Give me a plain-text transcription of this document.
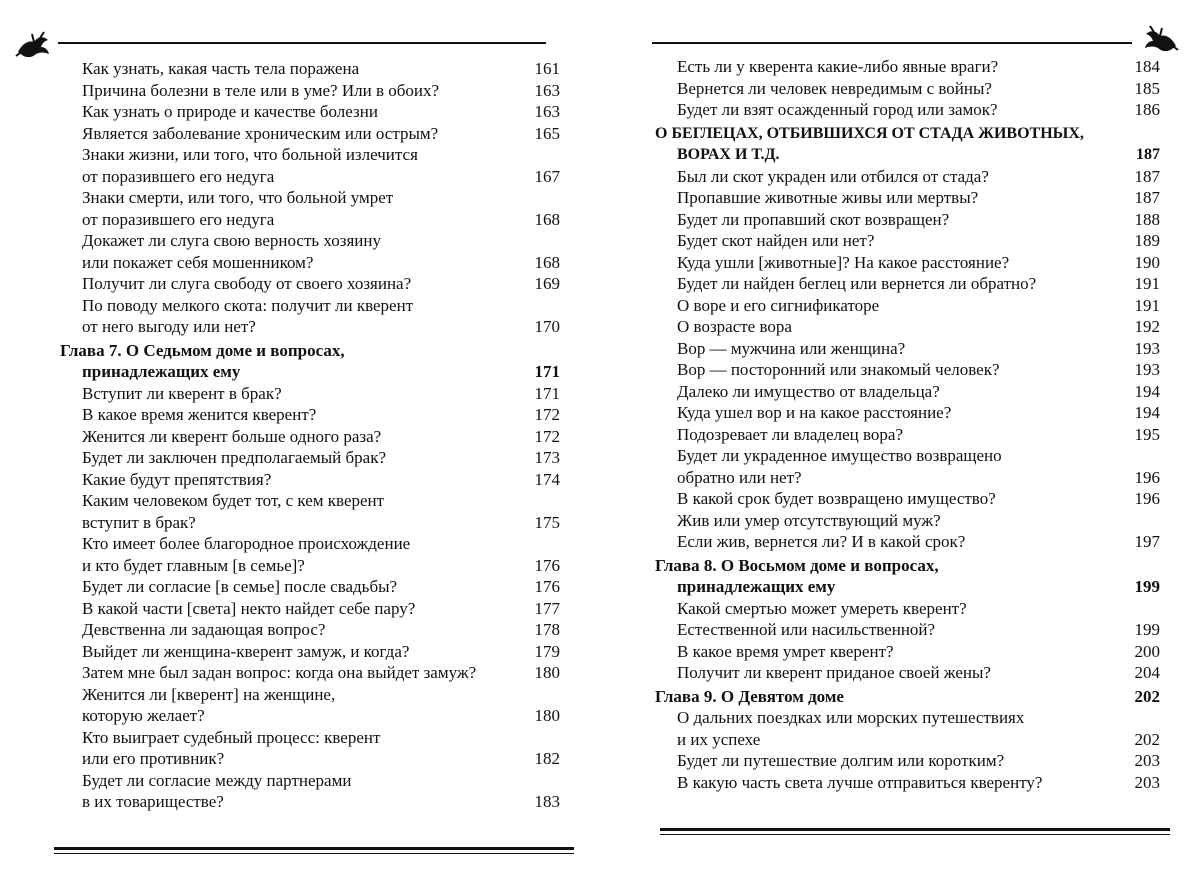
Как узнать, какая часть тела поражена	161
Причина болезни в теле или в уме? Или в обоих?	163
Как узнать о природе и качестве болезни	163
Является заболевание хроническим или острым?	165
Знаки жизни, или того, что больной излечится
от поразившего его недуга	167
Знаки смерти, или того, что больной умрет
от поразившего его недуга	168
Докажет ли слуга свою верность хозяину
или покажет себя мошенником?	168
Получит ли слуга свободу от своего хозяина?	169
По поводу мелкого скота: получит ли кверент
от него выгоду или нет?	170
Глава 7. О Седьмом доме и вопросах,
принадлежащих ему	171
Вступит ли кверент в брак?	171
В какое время женится кверент?	172
Женится ли кверент больше одного раза?	172
Будет ли заключен предполагаемый брак?	173
Какие будут препятствия?	174
Каким человеком будет тот, с кем кверент
вступит в брак?	175
Кто имеет более благородное происхождение
и кто будет главным [в семье]?	176
Будет ли согласие [в семье] после свадьбы?	176
В какой части [света] некто найдет себе пару?	177
Девственна ли задающая вопрос?	178
Выйдет ли женщина-кверент замуж, и когда?	179
Затем мне был задан вопрос: когда она выйдет замуж?	180
Женится ли [кверент] на женщине,
которую желает?	180
Кто выиграет судебный процесс: кверент
или его противник?	182
Будет ли согласие между партнерами
в их товариществе?	183
Есть ли у кверента какие-либо явные враги?	184
Вернется ли человек невредимым с войны?	185
Будет ли взят осажденный город или замок?	186
О БЕГЛЕЦАХ, ОТБИВШИХСЯ ОТ СТАДА ЖИВОТНЫХ,
ВОРАХ И Т.Д.	187
Был ли скот украден или отбился от стада?	187
Пропавшие животные живы или мертвы?	187
Будет ли пропавший скот возвращен?	188
Будет скот найден или нет?	189
Куда ушли [животные]? На какое расстояние?	190
Будет ли найден беглец или вернется ли обратно?	191
О воре и его сигнификаторе	191
О возрасте вора	192
Вор — мужчина или женщина?	193
Вор — посторонний или знакомый человек?	193
Далеко ли имущество от владельца?	194
Куда ушел вор и на какое расстояние?	194
Подозревает ли владелец вора?	195
Будет ли украденное имущество возвращено
обратно или нет?	196
В какой срок будет возвращено имущество?	196
Жив или умер отсутствующий муж?
Если жив, вернется ли? И в какой срок?	197
Глава 8. О Восьмом доме и вопросах,
принадлежащих ему	199
Какой смертью может умереть кверент?
Естественной или насильственной?	199
В какое время умрет кверент?	200
Получит ли кверент приданое своей жены?	204
Глава 9. О Девятом доме	202
О дальних поездках или морских путешествиях
и их успехе	202
Будет ли путешествие долгим или коротким?	203
В какую часть света лучше отправиться кверенту?	203
